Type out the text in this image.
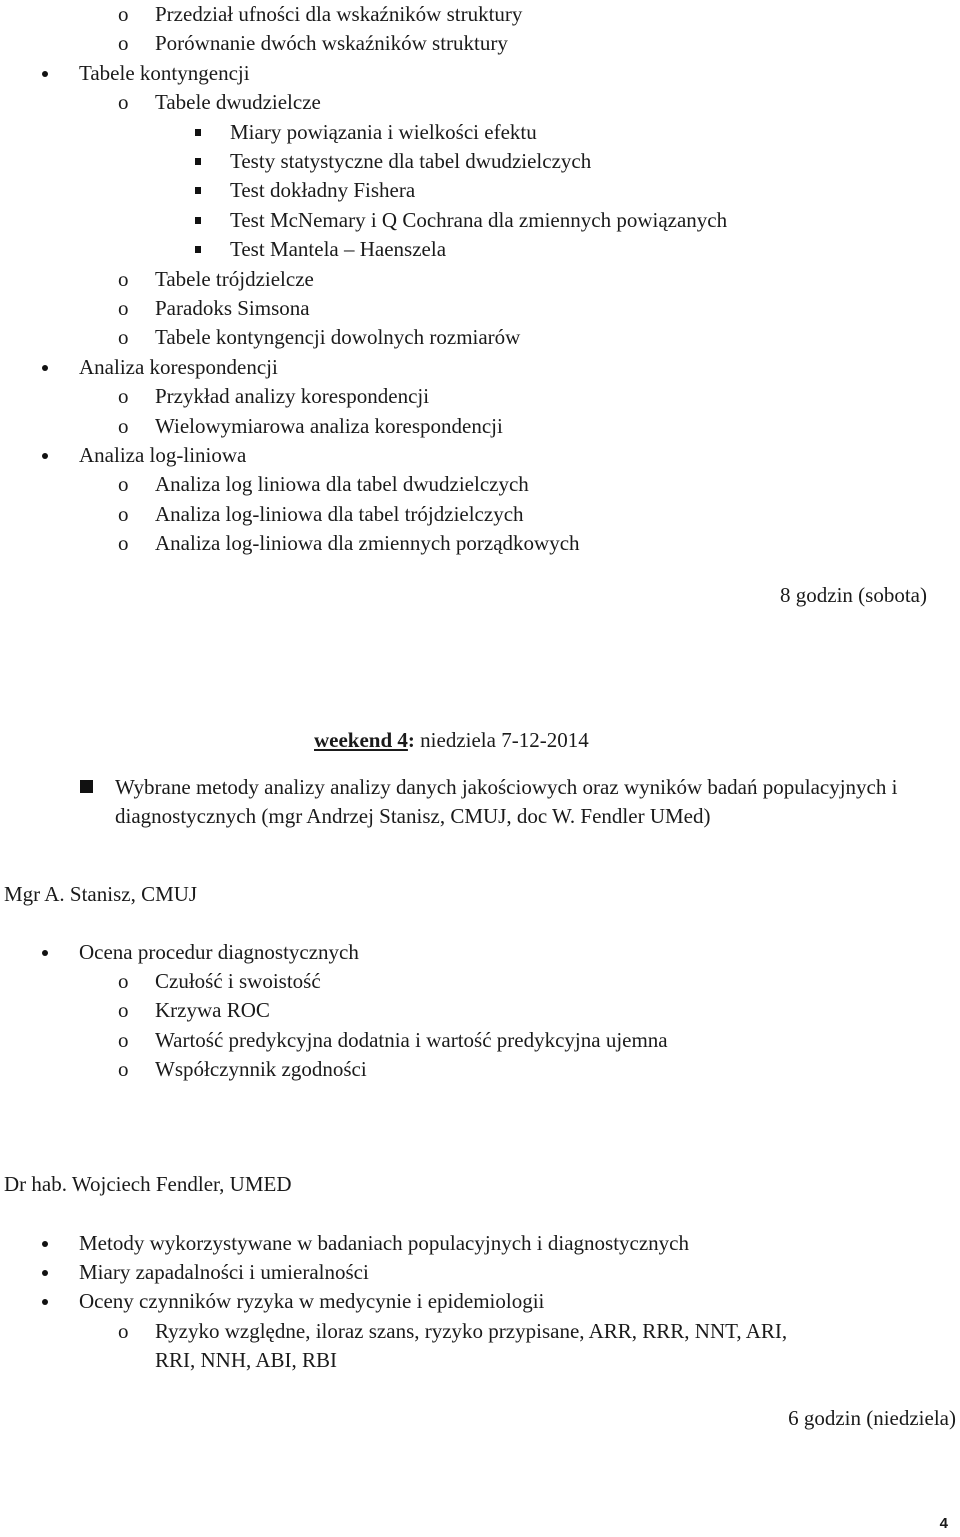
o Przedział ufności dla wskaźników struktury
o Porównanie dwóch wskaźników struktury
Tabele kontyngencji
o Tabele dwudzielcze
Miary powiązania i wielkości efektu
Testy statystyczne dla tabel dwudzielczych
Test dokładny Fishera
Test McNemary i Q Cochrana dla zmiennych powiązanych
Test Mantela – Haenszela
o Tabele trójdzielcze
o Paradoks Simsona
o Tabele kontyngencji dowolnych rozmiarów
Analiza korespondencji
o Przykład analizy korespondencji
o Wielowymiarowa analiza korespondencji
Analiza log-liniowa
o Analiza log liniowa dla tabel dwudzielczych
o Analiza log-liniowa dla tabel trójdzielczych
o Analiza log-liniowa dla zmiennych porządkowych
8 godzin (sobota)
weekend 4: niedziela 7-12-2014
Wybrane metody analizy analizy danych jakościowych oraz wyników badań populacyjnych i diagnostycznych (mgr Andrzej Stanisz, CMUJ, doc W. Fendler UMed)
Mgr A. Stanisz, CMUJ
Ocena procedur diagnostycznych
o Czułość i swoistość
o Krzywa ROC
o Wartość predykcyjna dodatnia i wartość predykcyjna ujemna
o Współczynnik zgodności
Dr hab. Wojciech Fendler, UMED
Metody wykorzystywane w badaniach populacyjnych i diagnostycznych
Miary zapadalności i umieralności
Oceny czynników ryzyka w medycynie i epidemiologii
o Ryzyko względne, iloraz szans, ryzyko przypisane, ARR, RRR, NNT, ARI,
RRI, NNH, ABI, RBI
6 godzin (niedziela)
4
